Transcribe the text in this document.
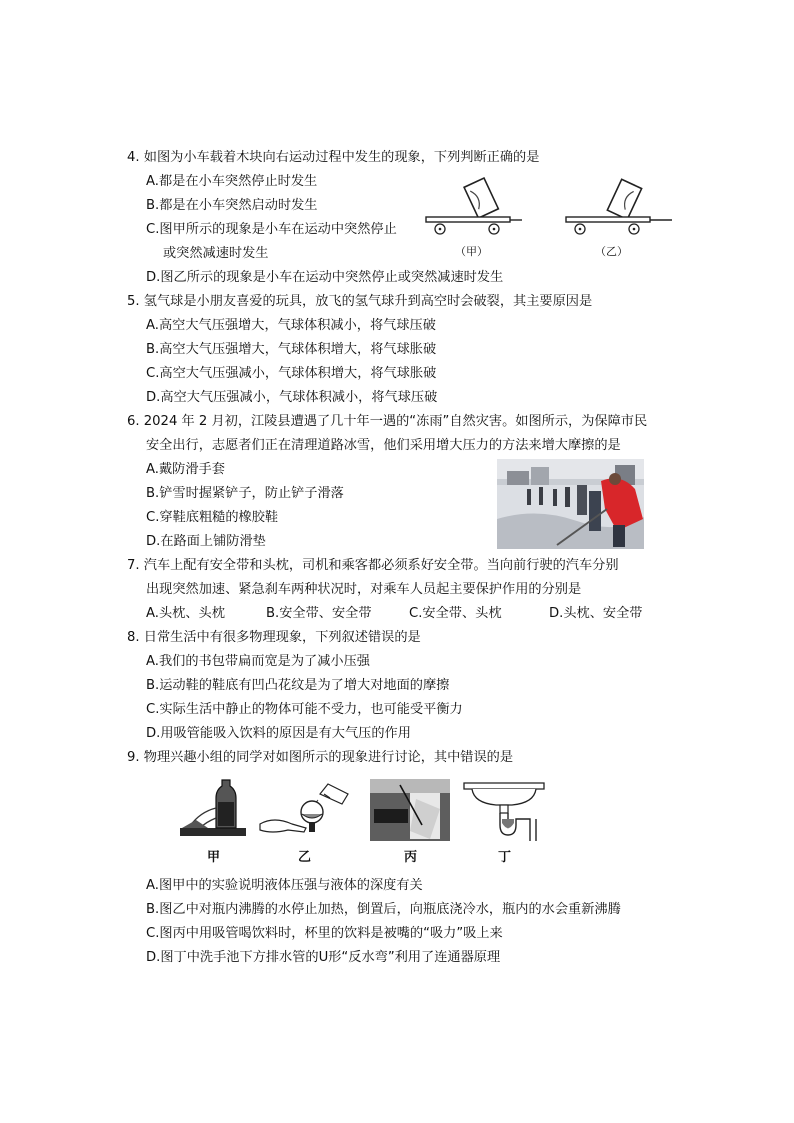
4. 如图为小车载着木块向右运动过程中发生的现象，下列判断正确的是
A.都是在小车突然停止时发生
B.都是在小车突然启动时发生
C.图甲所示的现象是小车在运动中突然停止
或突然减速时发生
D.图乙所示的现象是小车在运动中突然停止或突然减速时发生
（甲）	（乙）
5. 氢气球是小朋友喜爱的玩具，放飞的氢气球升到高空时会破裂，其主要原因是
A.高空大气压强增大，气球体积减小，将气球压破
B.高空大气压强增大，气球体积增大，将气球胀破
C.高空大气压强减小，气球体积增大，将气球胀破
D.高空大气压强减小，气球体积减小，将气球压破
6. 2024 年 2 月初，江陵县遭遇了几十年一遇的“冻雨”自然灾害。如图所示，为保障市民
安全出行，志愿者们正在清理道路冰雪，他们采用增大压力的方法来增大摩擦的是
A.戴防滑手套
B.铲雪时握紧铲子，防止铲子滑落
C.穿鞋底粗糙的橡胶鞋
D.在路面上铺防滑垫
7. 汽车上配有安全带和头枕，司机和乘客都必须系好安全带。当向前行驶的汽车分别
出现突然加速、紧急刹车两种状况时，对乘车人员起主要保护作用的分别是
A.头枕、头枕	B.安全带、安全带	C.安全带、头枕	D.头枕、安全带
8. 日常生活中有很多物理现象，下列叙述错误的是
A.我们的书包带扁而宽是为了减小压强
B.运动鞋的鞋底有凹凸花纹是为了增大对地面的摩擦
C.实际生活中静止的物体可能不受力，也可能受平衡力
D.用吸管能吸入饮料的原因是有大气压的作用
9. 物理兴趣小组的同学对如图所示的现象进行讨论，其中错误的是
甲	乙	丙	丁
A.图甲中的实验说明液体压强与液体的深度有关
B.图乙中对瓶内沸腾的水停止加热，倒置后，向瓶底浇冷水，瓶内的水会重新沸腾
C.图丙中用吸管喝饮料时，杯里的饮料是被嘴的“吸力”吸上来
D.图丁中洗手池下方排水管的U形“反水弯”利用了连通器原理
